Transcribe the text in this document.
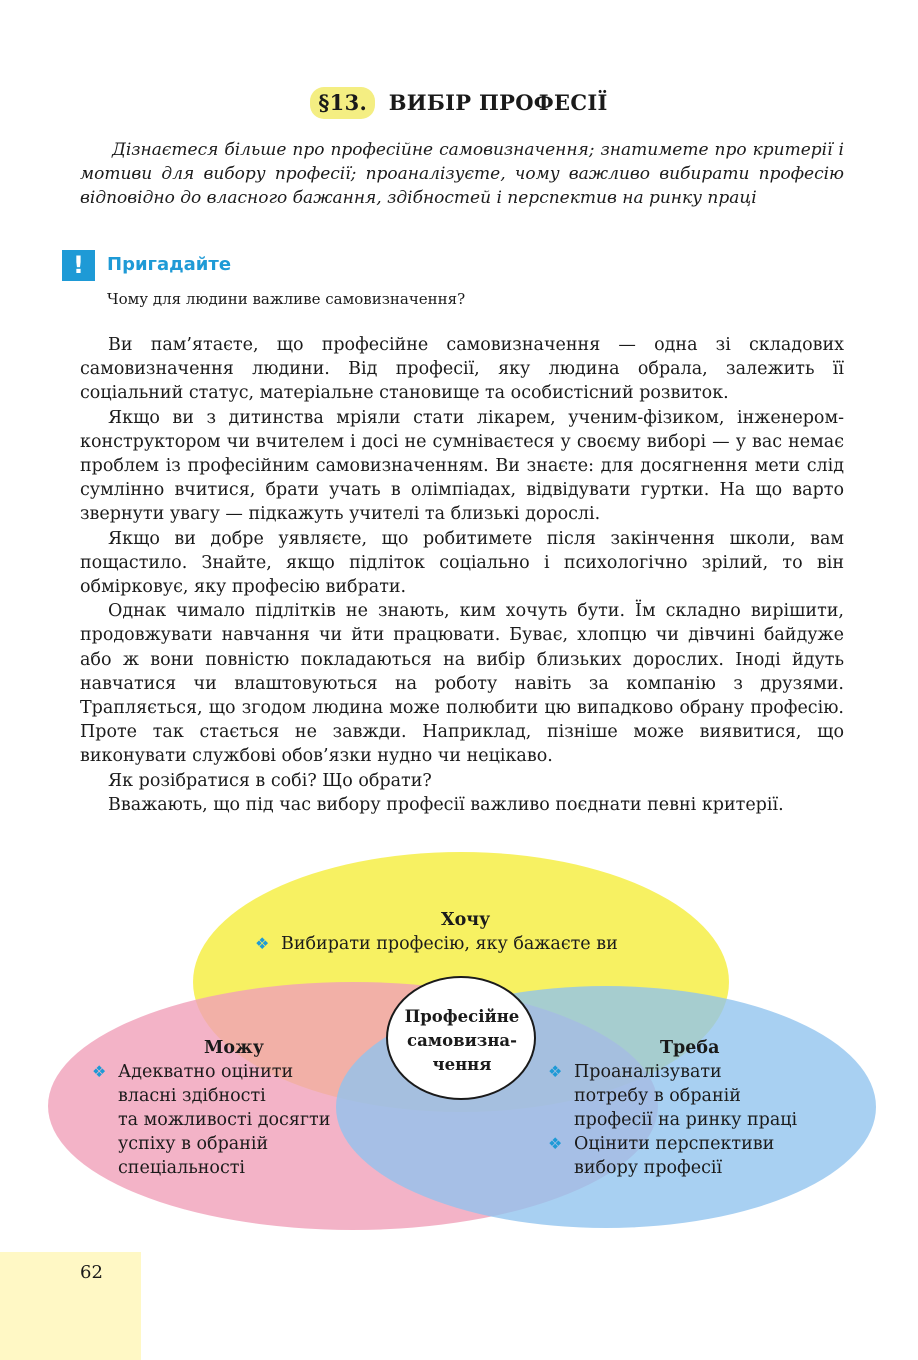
§13. ВИБІР ПРОФЕСІЇ
Дізнаєтеся більше про професійне самовизначення; знатимете про критерії і мотиви для вибору професії; проаналізуєте, чому важливо вибирати професію відповідно до власного бажання, здібностей і перспектив на ринку праці
!	Пригадайте
Чому для людини важливе самовизначення?

Ви пам’ятаєте, що професійне самовизначення — одна зі складових самовизначення людини. Від професії, яку людина обрала, залежить її соціальний статус, матеріальне становище та особистісний розвиток.

Якщо ви з дитинства мріяли стати лікарем, ученим-фізиком, інженером-конструктором чи вчителем і досі не сумніваєтеся у своєму виборі — у вас немає проблем із професійним самовизначенням. Ви знаєте: для досягнення мети слід сумлінно вчитися, брати учать в олімпіадах, відвідувати гуртки. На що варто звернути увагу — підкажуть учителі та близькі дорослі.

Якщо ви добре уявляєте, що робитимете після закінчення школи, вам пощастило. Знайте, якщо підліток соціально і психологічно зрілий, то він обмірковує, яку професію вибрати.

Однак чимало підлітків не знають, ким хочуть бути. Їм складно вирішити, продовжувати навчання чи йти працювати. Буває, хлопцю чи дівчині байдуже або ж вони повністю покладаються на вибір близьких дорослих. Іноді йдуть навчатися чи влаштовуються на роботу навіть за компанію з друзями. Трапляється, що згодом людина може полюбити цю випадково обрану професію. Проте так стається не завжди. Наприклад, пізніше може виявитися, що виконувати службові обов’язки нудно чи нецікаво.

Як розібратися в собі? Що обрати?

Вважають, що під час вибору професії важливо поєднати певні критерії.

Професійне
самовизна-
чення
Хочу
❖ Вибирати професію, яку бажаєте ви
Можу
❖ Адекватно оцінити
власні здібності
та можливості досягти
успіху в обраній
спеціальності
Треба
❖ Проаналізувати
потребу в обраній
професії на ринку праці
❖ Оцінити перспективи
вибору професії
62
